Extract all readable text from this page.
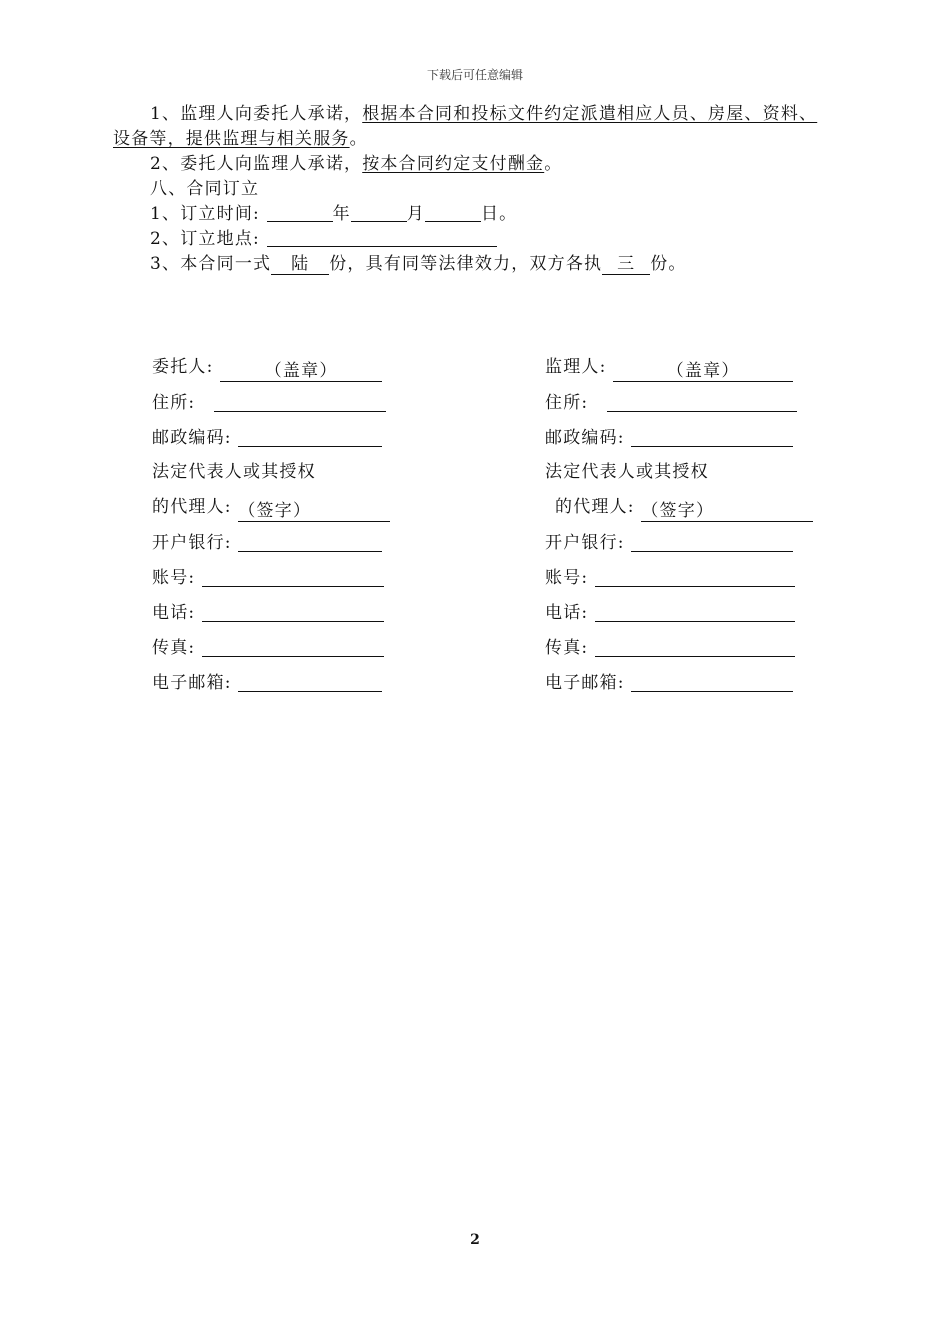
下载后可任意编辑
1、监理人向委托人承诺，根据本合同和投标文件约定派遣相应人员、房屋、资料、
设备等，提供监理与相关服务。
2、委托人向监理人承诺，按本合同约定支付酬金。
八、合同订立
1、订立时间:	年	月	日。
2、订立地点:
3、本合同一式 陆 份，具有同等法律效力，双方各执 三 份。
委托人:	（盖章）
住所:
邮政编码:
法定代表人或其授权
的代理人: （签字）
开户银行:
账号:
电话:
传真:
电子邮箱:
监理人:	（盖章）
住所:
邮政编码:
法定代表人或其授权
的代理人: （签字）
开户银行:
账号:
电话:
传真:
电子邮箱:
2
